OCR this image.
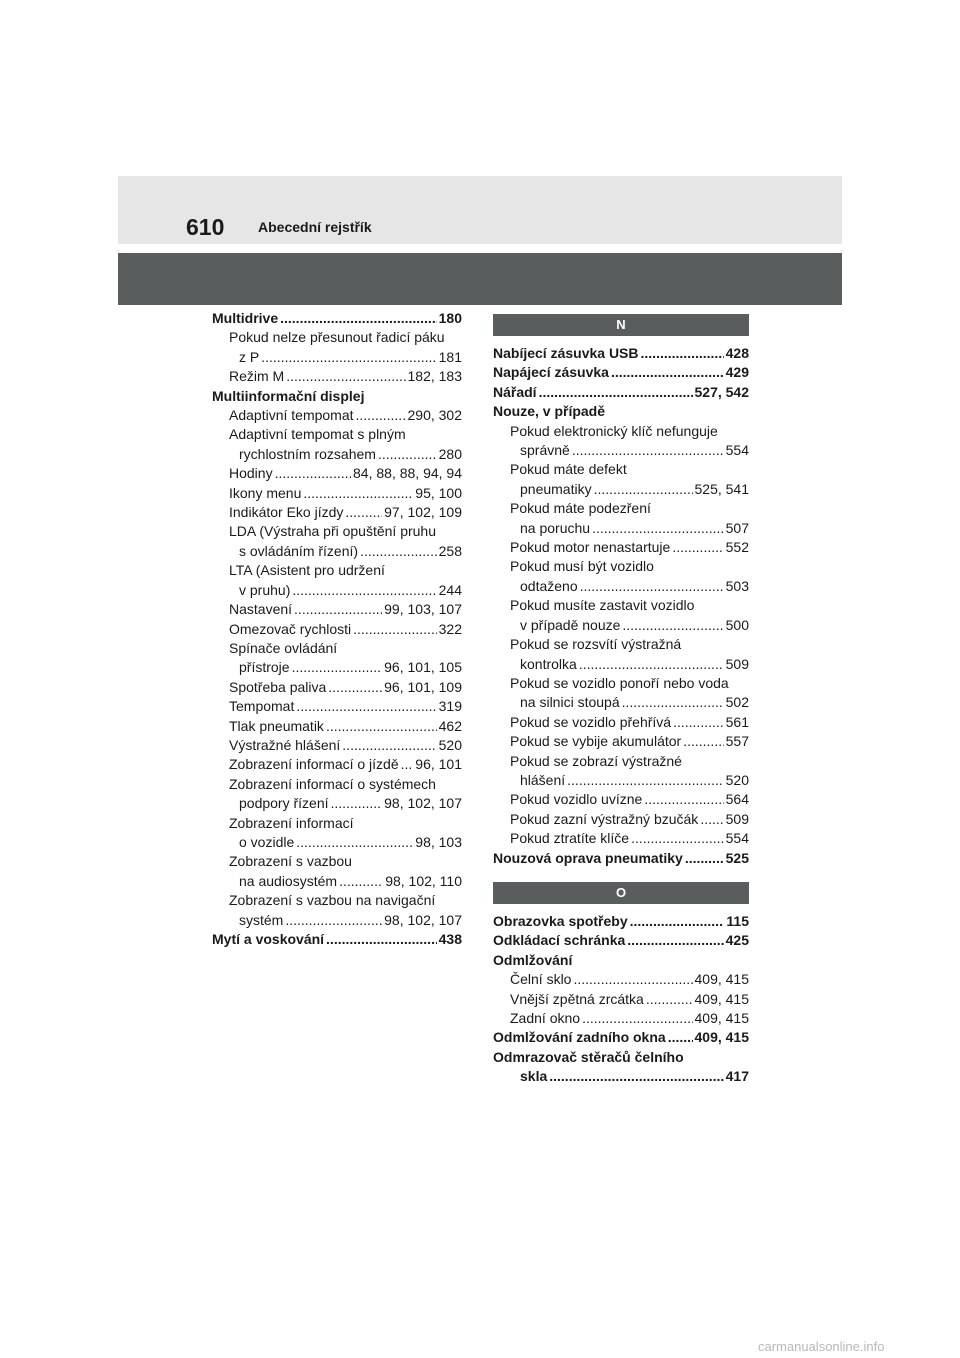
610 Abecední rejstřík
Multidrive .....	180
Pokud nelze přesunout řadicí páku
z P .....	181
Režim M .....	182, 183
Multiinformační displej
Adaptivní tempomat .....	290, 302
Adaptivní tempomat s plným
rychlostním rozsahem .....	280
Hodiny .....	84, 88, 88, 94, 94
Ikony menu .....	95, 100
Indikátor Eko jízdy .....	97, 102, 109
LDA (Výstraha při opuštění pruhu
s ovládáním řízení) .....	258
LTA (Asistent pro udržení
v pruhu) .....	244
Nastavení .....	99, 103, 107
Omezovač rychlosti .....	322
Spínače ovládání
přístroje .....	96, 101, 105
Spotřeba paliva .....	96, 101, 109
Tempomat .....	319
Tlak pneumatik .....	462
Výstražné hlášení .....	520
Zobrazení informací o jízdě ..... 96, 101
Zobrazení informací o systémech
podpory řízení .....	98, 102, 107
Zobrazení informací
o vozidle .....	98, 103
Zobrazení s vazbou
na audiosystém .....	98, 102, 110
Zobrazení s vazbou na navigační
systém .....	98, 102, 107
Mytí a voskování .....	438
N
Nabíjecí zásuvka USB .....	428
Napájecí zásuvka .....	429
Nářadí .....	527, 542
Nouze, v případě
Pokud elektronický klíč nefunguje
správně .....	554
Pokud máte defekt
pneumatiky .....	525, 541
Pokud máte podezření
na poruchu .....	507
Pokud motor nenastartuje .....	552
Pokud musí být vozidlo
odtaženo .....	503
Pokud musíte zastavit vozidlo
v případě nouze .....	500
Pokud se rozsvítí výstražná
kontrolka .....	509
Pokud se vozidlo ponoří nebo voda
na silnici stoupá .....	502
Pokud se vozidlo přehřívá .....	561
Pokud se vybije akumulátor .....	557
Pokud se zobrazí výstražné
hlášení .....	520
Pokud vozidlo uvízne .....	564
Pokud zazní výstražný bzučák ..... 509
Pokud ztratíte klíče .....	554
Nouzová oprava pneumatiky .....	525
O
Obrazovka spotřeby .....	115
Odkládací schránka .....	425
Odmlžování
Čelní sklo .....	409, 415
Vnější zpětná zrcátka .....	409, 415
Zadní okno .....	409, 415
Odmlžování zadního okna ..... 409, 415
Odmrazovač stěračů čelního
skla .....	417
carmanualsonline.info
